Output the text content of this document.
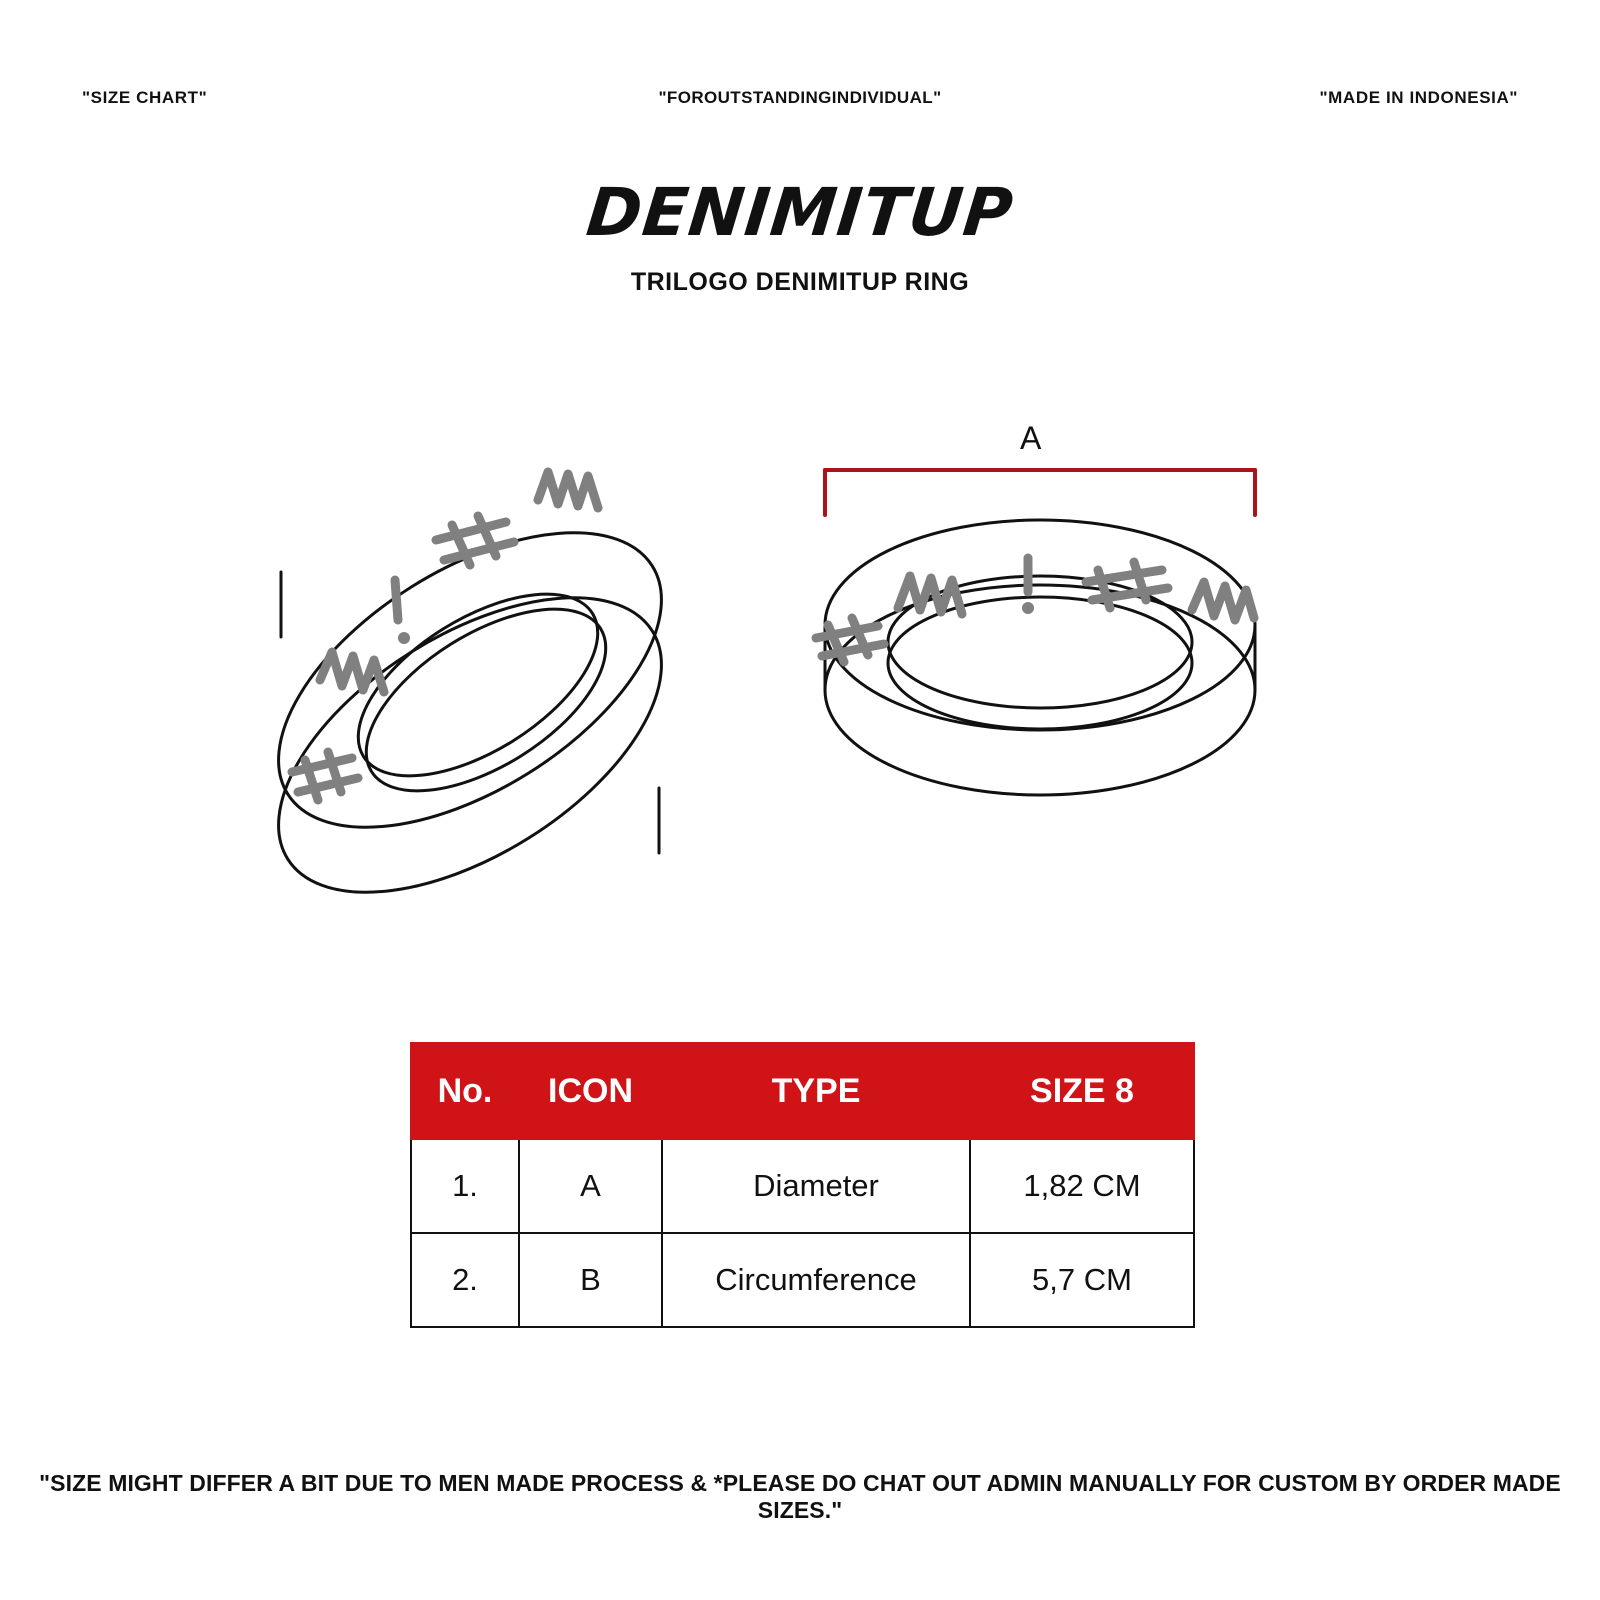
"SIZE CHART"	"FOROUTSTANDINGINDIVIDUAL"	"MADE IN INDONESIA"
DENIMITUP
TRILOGO DENIMITUP RING
A
No.	ICON	TYPE	SIZE 8
1.	A	Diameter	1,82 CM
2.	B	Circumference	5,7 CM
"SIZE MIGHT DIFFER A BIT DUE TO MEN MADE PROCESS & *PLEASE DO CHAT OUT ADMIN MANUALLY FOR CUSTOM BY ORDER MADE SIZES."
